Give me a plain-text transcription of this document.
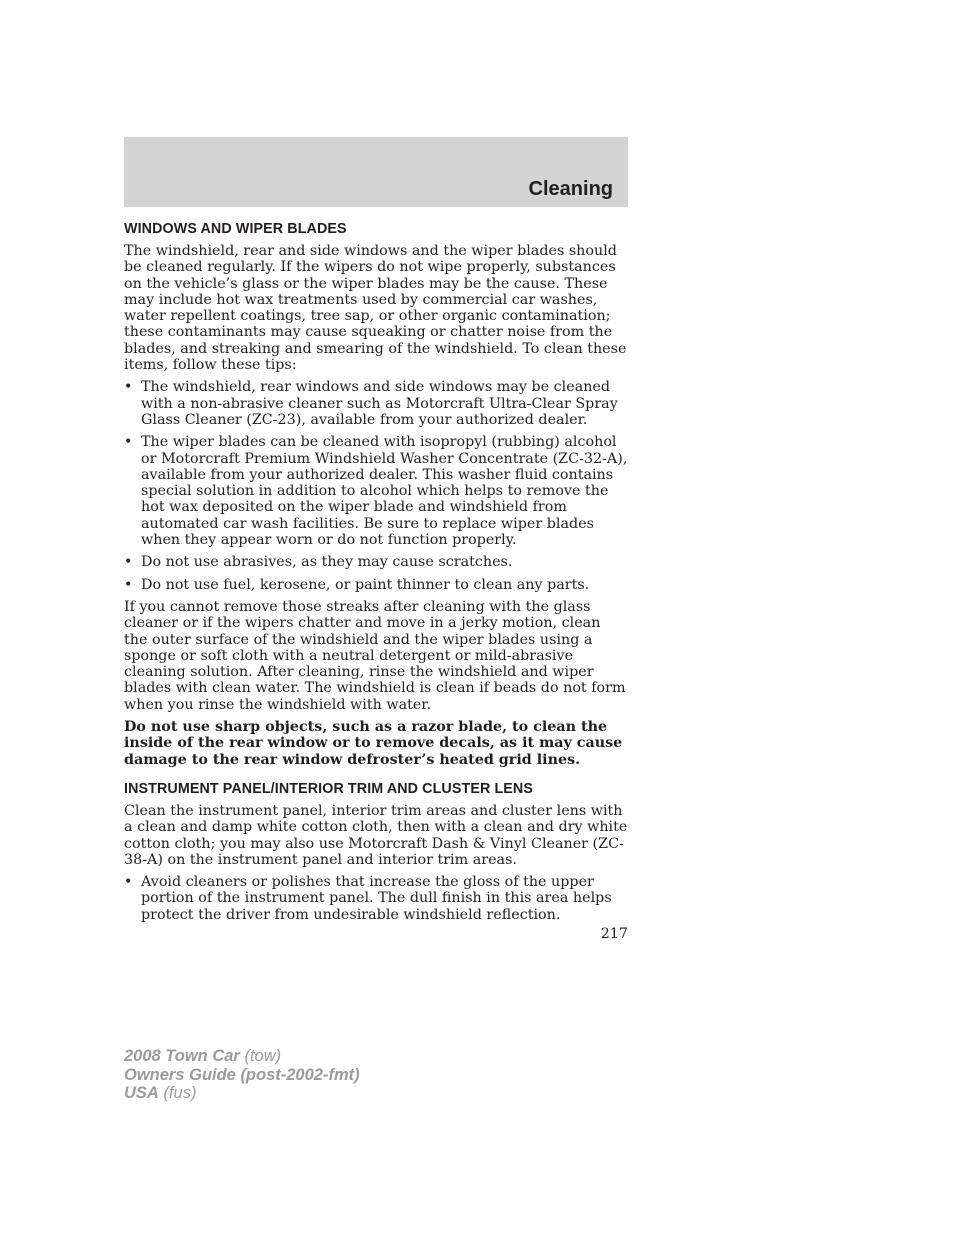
Cleaning
WINDOWS AND WIPER BLADES

The windshield, rear and side windows and the wiper blades should be cleaned regularly. If the wipers do not wipe properly, substances on the vehicle’s glass or the wiper blades may be the cause. These may include hot wax treatments used by commercial car washes, water repellent coatings, tree sap, or other organic contamination; these contaminants may cause squeaking or chatter noise from the blades, and streaking and smearing of the windshield. To clean these items, follow these tips:

• The windshield, rear windows and side windows may be cleaned with a non-abrasive cleaner such as Motorcraft Ultra-Clear Spray Glass Cleaner (ZC-23), available from your authorized dealer.
• The wiper blades can be cleaned with isopropyl (rubbing) alcohol or Motorcraft Premium Windshield Washer Concentrate (ZC-32-A), available from your authorized dealer. This washer fluid contains special solution in addition to alcohol which helps to remove the hot wax deposited on the wiper blade and windshield from automated car wash facilities. Be sure to replace wiper blades when they appear worn or do not function properly.
• Do not use abrasives, as they may cause scratches.
• Do not use fuel, kerosene, or paint thinner to clean any parts.

If you cannot remove those streaks after cleaning with the glass cleaner or if the wipers chatter and move in a jerky motion, clean the outer surface of the windshield and the wiper blades using a sponge or soft cloth with a neutral detergent or mild-abrasive cleaning solution. After cleaning, rinse the windshield and wiper blades with clean water. The windshield is clean if beads do not form when you rinse the windshield with water.

Do not use sharp objects, such as a razor blade, to clean the inside of the rear window or to remove decals, as it may cause damage to the rear window defroster’s heated grid lines.

INSTRUMENT PANEL/INTERIOR TRIM AND CLUSTER LENS

Clean the instrument panel, interior trim areas and cluster lens with a clean and damp white cotton cloth, then with a clean and dry white cotton cloth; you may also use Motorcraft Dash & Vinyl Cleaner (ZC-38-A) on the instrument panel and interior trim areas.

• Avoid cleaners or polishes that increase the gloss of the upper portion of the instrument panel. The dull finish in this area helps protect the driver from undesirable windshield reflection.
217
2008 Town Car (tow)
Owners Guide (post-2002-fmt)
USA (fus)
